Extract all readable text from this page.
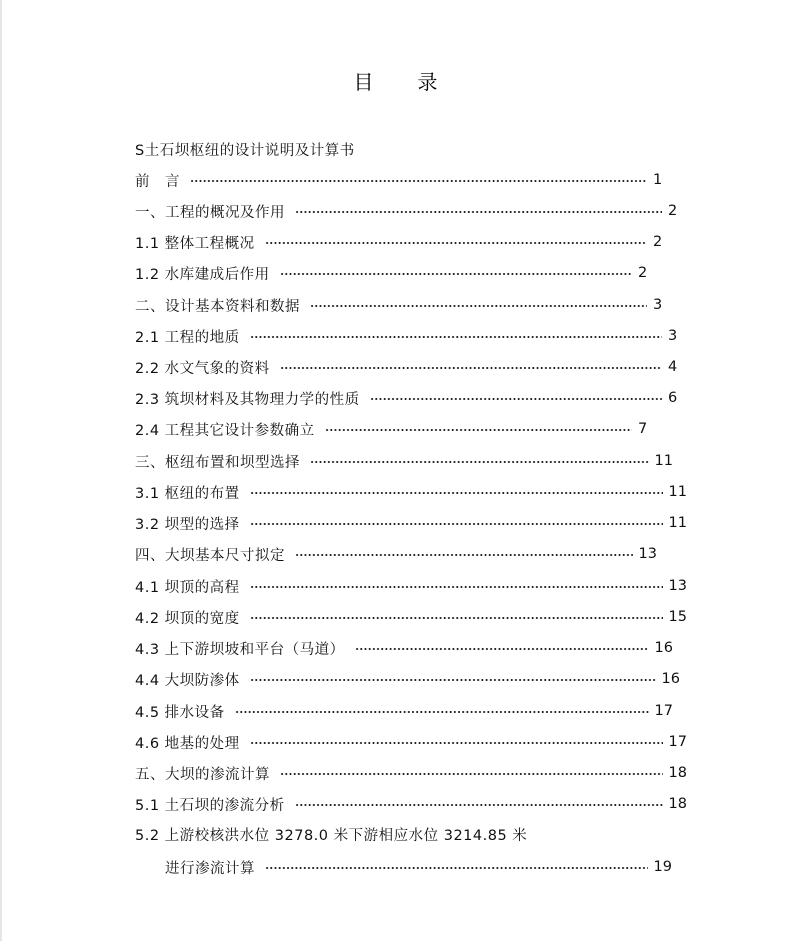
目　录
S土石坝枢纽的设计说明及计算书
前　言	1
一、工程的概况及作用	2
1.1 整体工程概况	2
1.2 水库建成后作用	2
二、设计基本资料和数据	3
2.1 工程的地质	3
2.2 水文气象的资料	4
2.3 筑坝材料及其物理力学的性质	6
2.4 工程其它设计参数确立	7
三、枢纽布置和坝型选择	11
3.1 枢纽的布置	11
3.2 坝型的选择	11
四、大坝基本尺寸拟定	13
4.1 坝顶的高程	13
4.2 坝顶的宽度	15
4.3 上下游坝坡和平台（马道）	16
4.4 大坝防渗体	16
4.5 排水设备	17
4.6 地基的处理	17
五、大坝的渗流计算	18
5.1 土石坝的渗流分析	18
5.2 上游校核洪水位 3278.0 米下游相应水位 3214.85 米
进行渗流计算	19
